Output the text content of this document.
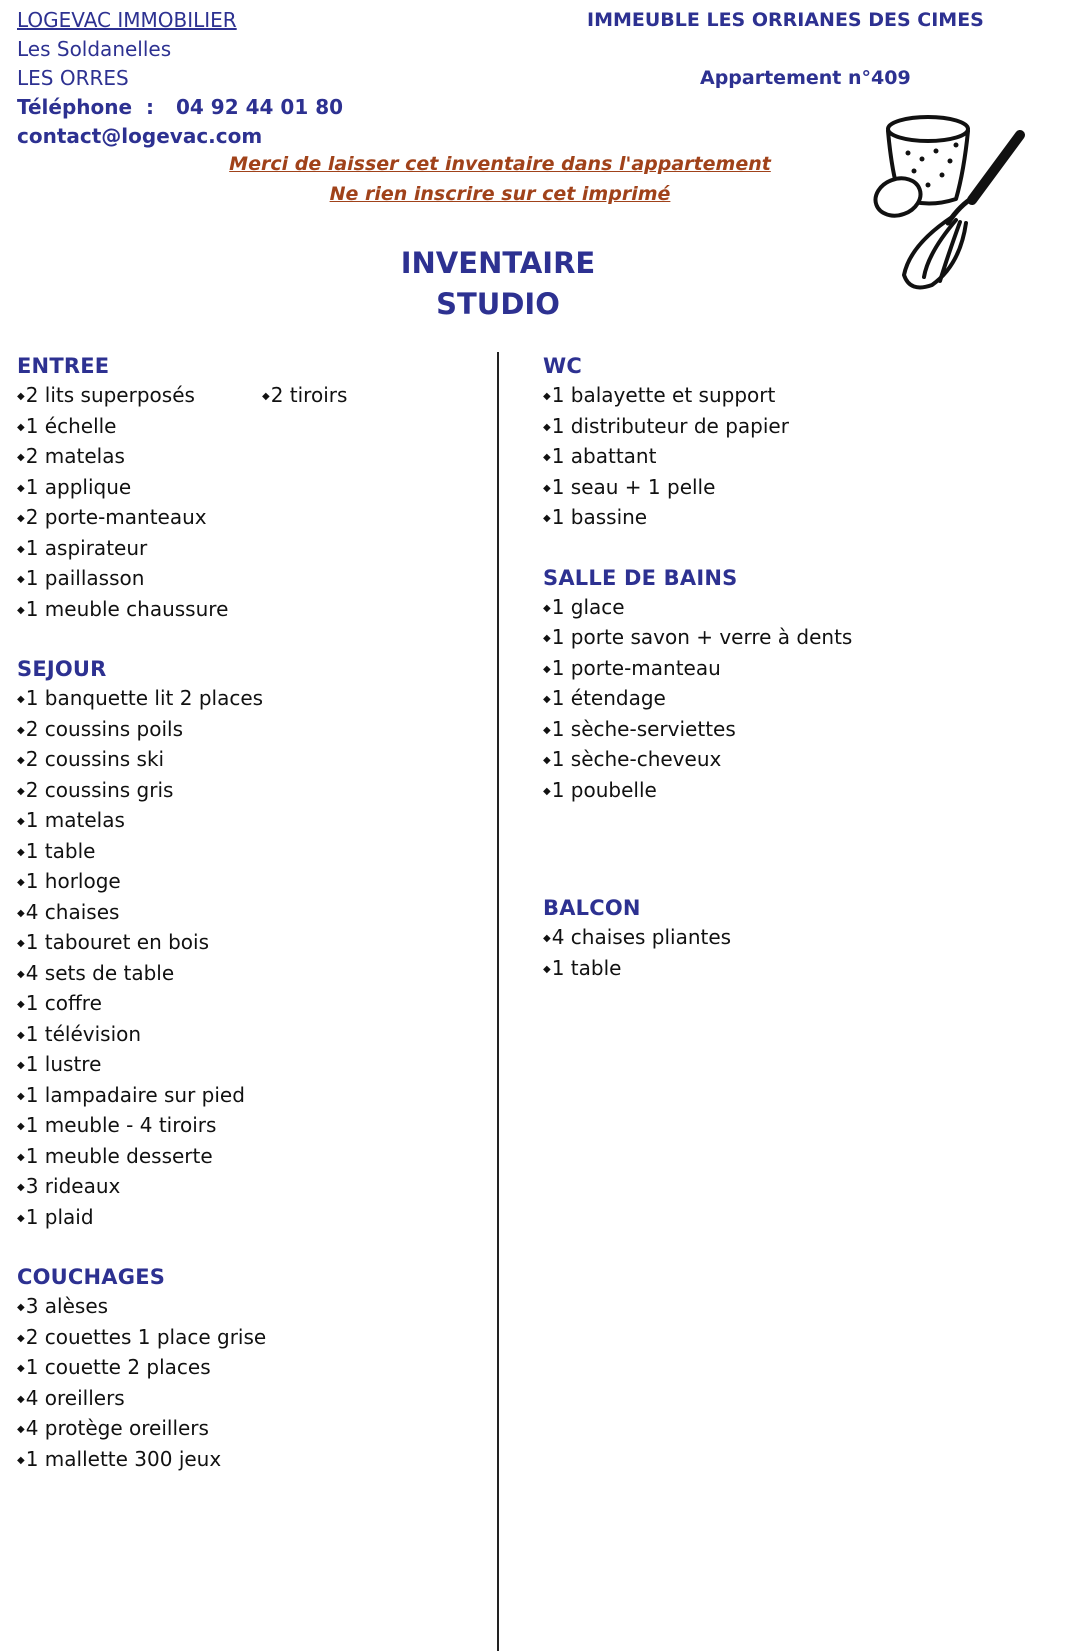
LOGEVAC IMMOBILIER
Les Soldanelles
LES ORRES
Téléphone : 04 92 44 01 80
contact@logevac.com
IMMEUBLE LES ORRIANES DES CIMES
Appartement n°409
Merci de laisser cet inventaire dans l'appartement
Ne rien inscrire sur cet imprimé
INVENTAIRE
STUDIO
ENTREE
◆ 2 lits superposés
◆ 1 échelle
◆ 2 matelas
◆ 1 applique
◆ 2 porte-manteaux
◆ 1 aspirateur
◆ 1 paillasson
◆ 1 meuble chaussure
SEJOUR
◆ 1 banquette lit 2 places
◆ 2 coussins poils
◆ 2 coussins ski
◆ 2 coussins gris
◆ 1 matelas
◆ 1 table
◆ 1 horloge
◆ 4 chaises
◆ 1 tabouret en bois
◆ 4 sets de table
◆ 1 coffre
◆ 1 télévision
◆ 1 lustre
◆ 1 lampadaire sur pied
◆ 1 meuble - 4 tiroirs
◆ 1 meuble desserte
◆ 3 rideaux
◆ 1 plaid
COUCHAGES
◆ 3 alèses
◆ 2 couettes 1 place grise
◆ 1 couette 2 places
◆ 4 oreillers
◆ 4 protège oreillers
◆ 1 mallette 300 jeux
◆ 2 tiroirs
WC
◆ 1 balayette et support
◆ 1 distributeur de papier
◆ 1 abattant
◆ 1 seau + 1 pelle
◆ 1 bassine
SALLE DE BAINS
◆ 1 glace
◆ 1 porte savon + verre à dents
◆ 1 porte-manteau
◆ 1 étendage
◆ 1 sèche-serviettes
◆ 1 sèche-cheveux
◆ 1 poubelle
BALCON
◆ 4 chaises pliantes
◆ 1 table
